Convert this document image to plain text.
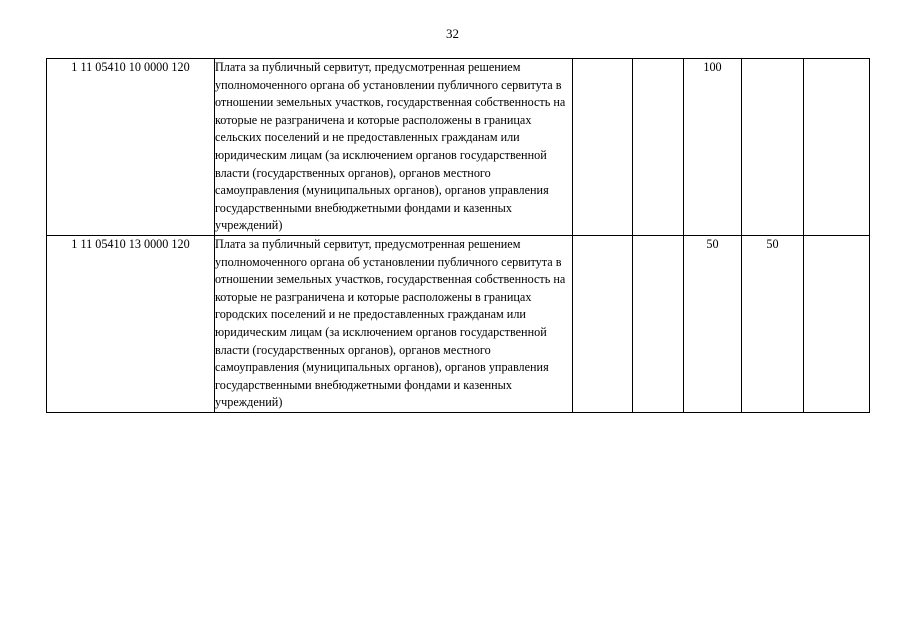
32
1 11 05410 10 0000 120	Плата за публичный сервитут, предусмотренная решением уполномоченного органа об установлении публичного сервитута в отношении земельных участков, государственная собственность на которые не разграничена и которые расположены в границах сельских поселений и не предоставленных гражданам или юридическим лицам (за исключением органов государственной власти (государственных органов), органов местного самоуправления (муниципальных органов), органов управления государственными внебюджетными фондами и казенных учреждений)			100		
1 11 05410 13 0000 120	Плата за публичный сервитут, предусмотренная решением уполномоченного органа об установлении публичного сервитута в отношении земельных участков, государственная собственность на которые не разграничена и которые расположены в границах городских поселений и не предоставленных гражданам или юридическим лицам (за исключением органов государственной власти (государственных органов), органов местного самоуправления (муниципальных органов), органов управления государственными внебюджетными фондами и казенных учреждений)			50	50	
